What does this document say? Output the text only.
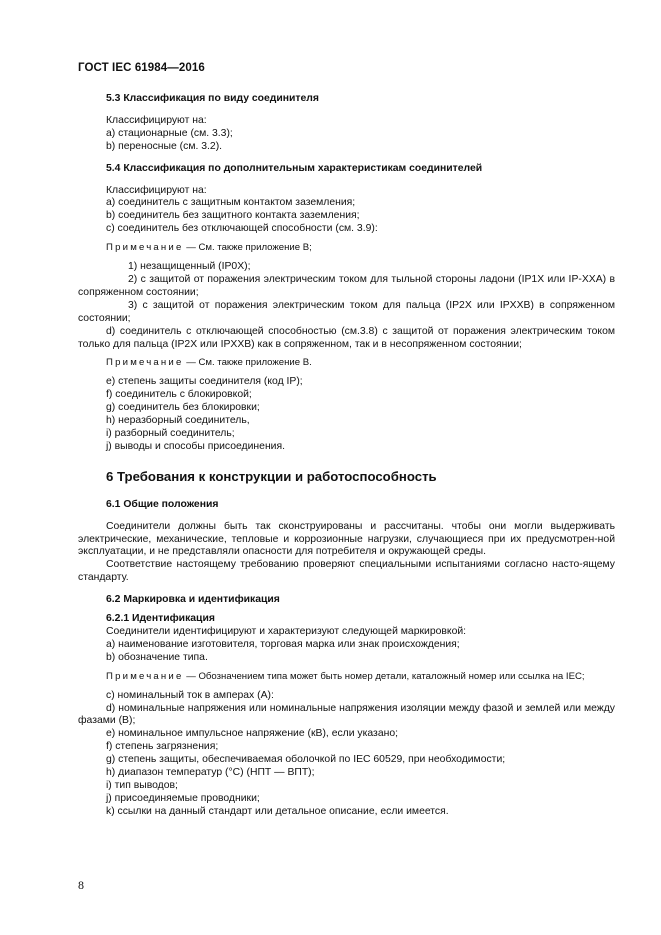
ГОСТ IEC 61984—2016

5.3 Классификация по виду соединителя

Классифицируют на:

а) стационарные (см. 3.3);

b) переносные (см. 3.2).

5.4 Классификация по дополнительным характеристикам соединителей

Классифицируют на:

а) соединитель с защитным контактом заземления;

b) соединитель без защитного контакта заземления;

с) соединитель без отключающей способности (см. 3.9):

Примечание — См. также приложение В;

1) незащищенный (IP0X);

2) с защитой от поражения электрическим током для тыльной стороны ладони (IP1X или IP-XXA) в сопряженном состоянии;

3) с защитой от поражения электрическим током для пальца (IP2X или IPXXB) в сопряженном состоянии;

d) соединитель с отключающей способностью (см.3.8) с защитой от поражения электрическим током только для пальца (IP2X или IPXXB) как в сопряженном, так и в несопряженном состоянии;

Примечание — См. также приложение В.

е) степень защиты соединителя (код IP);

f) соединитель с блокировкой;

g) соединитель без блокировки;

h) неразборный соединитель,

i) разборный соединитель;

j) выводы и способы присоединения.

6 Требования к конструкции и работоспособность

6.1 Общие положения

Соединители должны быть так сконструированы и рассчитаны. чтобы они могли выдерживать электрические, механические, тепловые и коррозионные нагрузки, случающиеся при их предусмотрен-ной эксплуатации, и не представляли опасности для потребителя и окружающей среды.

Соответствие настоящему требованию проверяют специальными испытаниями согласно насто-ящему стандарту.

6.2 Маркировка и идентификация

6.2.1 Идентификация

Соединители идентифицируют и характеризуют следующей маркировкой:

а) наименование изготовителя, торговая марка или знак происхождения;

b) обозначение типа.

Примечание — Обозначением типа может быть номер детали, каталожный номер или ссылка на IEC;

с) номинальный ток в амперах (А):

d) номинальные напряжения или номинальные напряжения изоляции между фазой и землей или между фазами (В);

е) номинальное импульсное напряжение (кВ), если указано;

f) степень загрязнения;

g) степень защиты, обеспечиваемая оболочкой по IEC 60529, при необходимости;

h) диапазон температур (°C) (НПТ — ВПТ);

i) тип выводов;

j) присоединяемые проводники;

k) ссылки на данный стандарт или детальное описание, если имеется.

8
